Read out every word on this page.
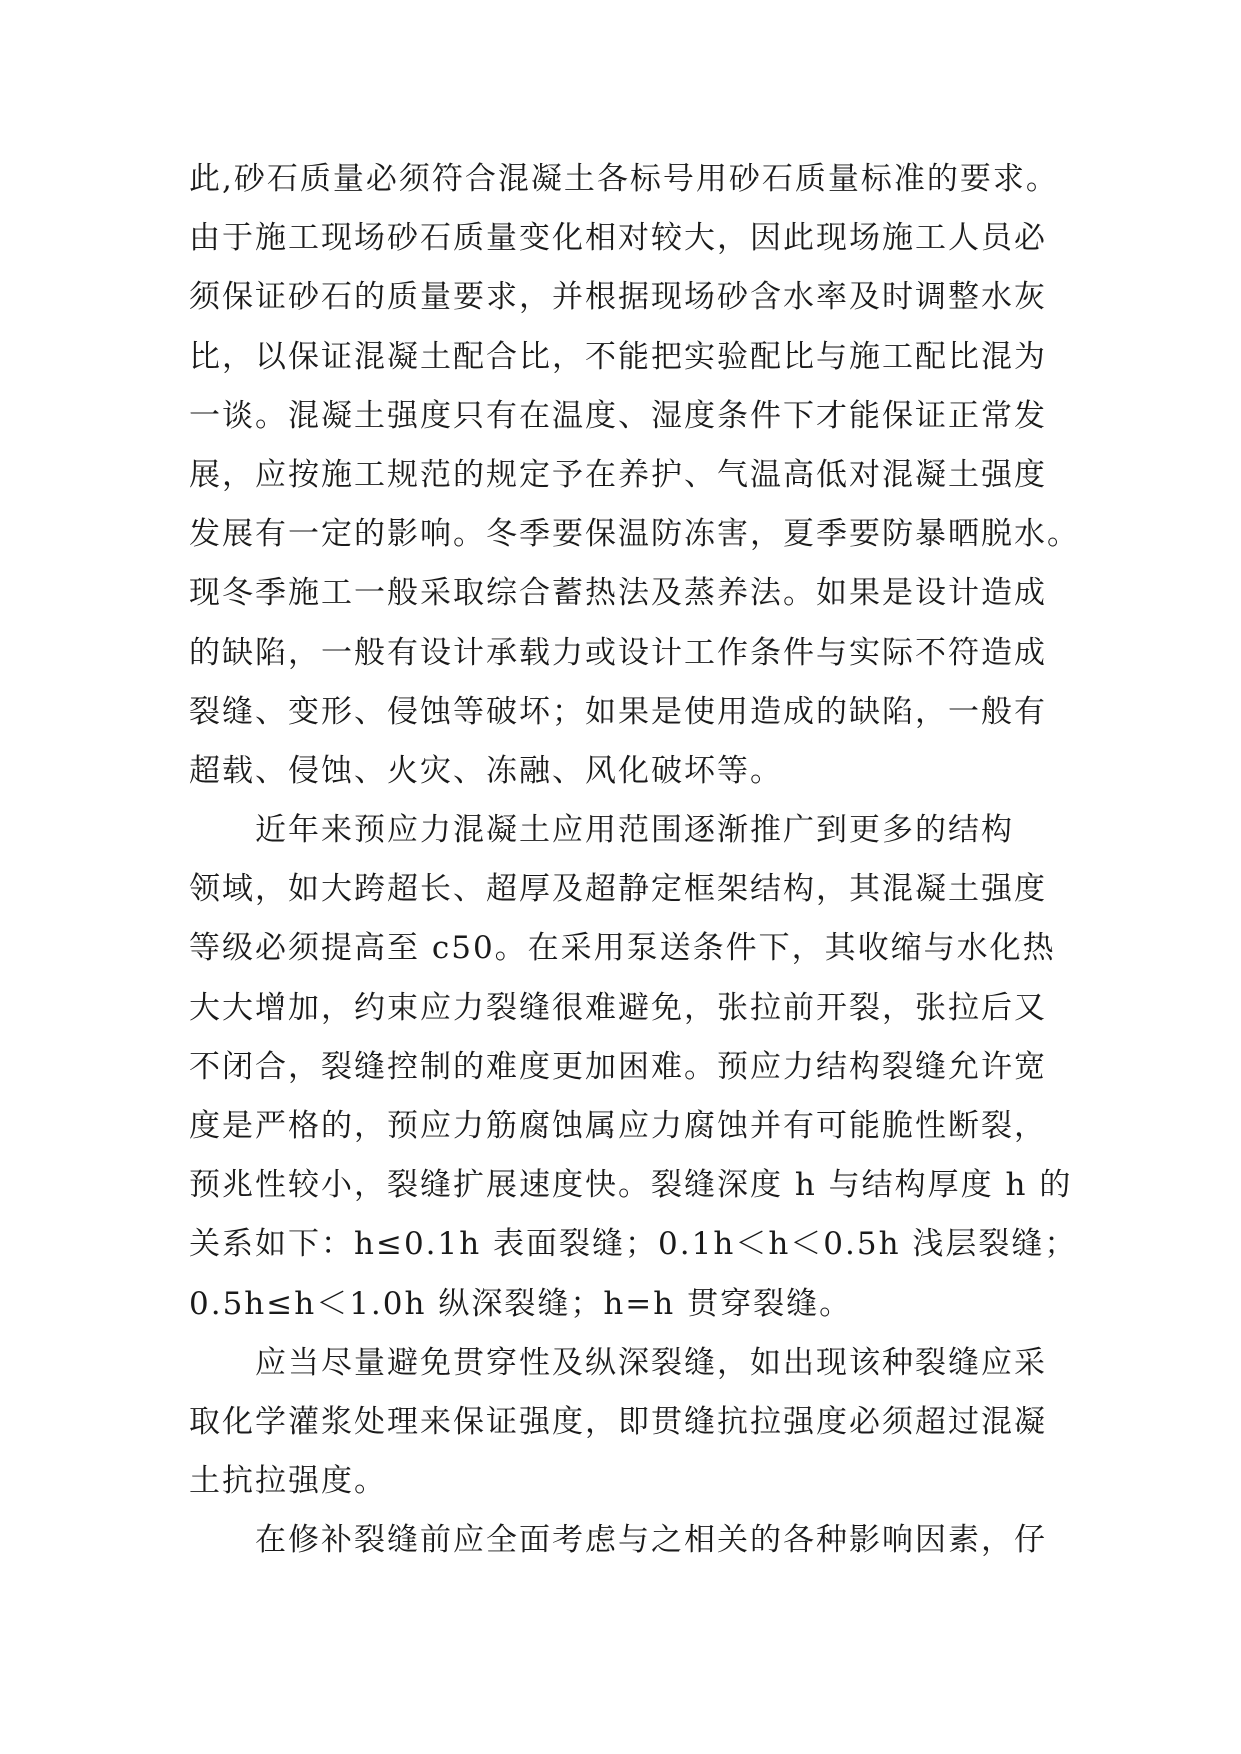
此,砂石质量必须符合混凝土各标号用砂石质量标准的要求。
由于施工现场砂石质量变化相对较大，因此现场施工人员必
须保证砂石的质量要求，并根据现场砂含水率及时调整水灰
比，以保证混凝土配合比，不能把实验配比与施工配比混为
一谈。混凝土强度只有在温度、湿度条件下才能保证正常发
展，应按施工规范的规定予在养护、气温高低对混凝土强度
发展有一定的影响。冬季要保温防冻害，夏季要防暴晒脱水。
现冬季施工一般采取综合蓄热法及蒸养法。如果是设计造成
的缺陷，一般有设计承载力或设计工作条件与实际不符造成
裂缝、变形、侵蚀等破坏；如果是使用造成的缺陷，一般有
超载、侵蚀、火灾、冻融、风化破坏等。
近年来预应力混凝土应用范围逐渐推广到更多的结构
领域，如大跨超长、超厚及超静定框架结构，其混凝土强度
等级必须提高至 c50。在采用泵送条件下，其收缩与水化热
大大增加，约束应力裂缝很难避免，张拉前开裂，张拉后又
不闭合，裂缝控制的难度更加困难。预应力结构裂缝允许宽
度是严格的，预应力筋腐蚀属应力腐蚀并有可能脆性断裂，
预兆性较小，裂缝扩展速度快。裂缝深度 h 与结构厚度 h 的
关系如下：h≤0.1h 表面裂缝；0.1h＜h＜0.5h 浅层裂缝；
0.5h≤h＜1.0h 纵深裂缝；h=h 贯穿裂缝。
应当尽量避免贯穿性及纵深裂缝，如出现该种裂缝应采
取化学灌浆处理来保证强度，即贯缝抗拉强度必须超过混凝
土抗拉强度。
在修补裂缝前应全面考虑与之相关的各种影响因素，仔
